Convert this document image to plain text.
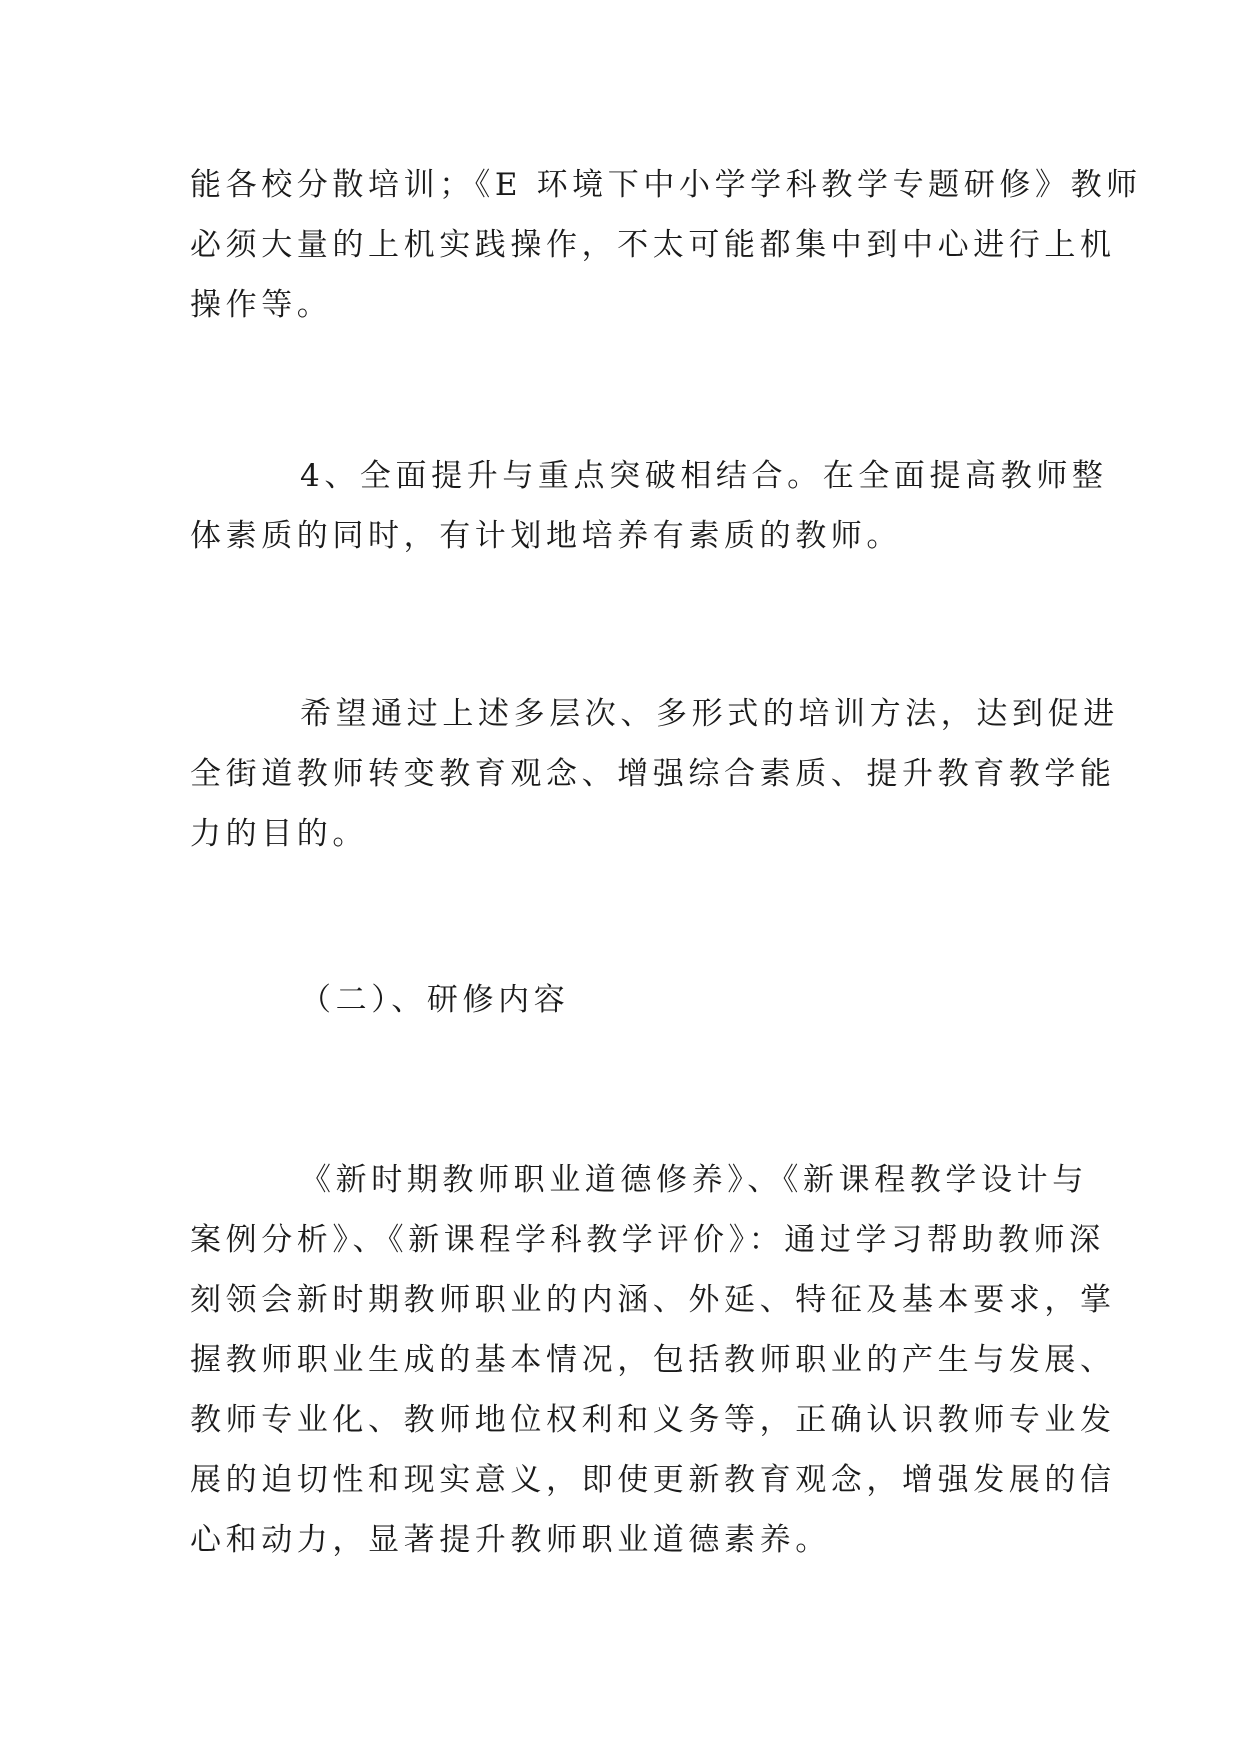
能各校分散培训；《E 环境下中小学学科教学专题研修》教师
必须大量的上机实践操作，不太可能都集中到中心进行上机
操作等。
4、全面提升与重点突破相结合。在全面提高教师整
体素质的同时，有计划地培养有素质的教师。
希望通过上述多层次、多形式的培训方法，达到促进
全街道教师转变教育观念、增强综合素质、提升教育教学能
力的目的。
（二）、研修内容
《新时期教师职业道德修养》、《新课程教学设计与
案例分析》、《新课程学科教学评价》：通过学习帮助教师深
刻领会新时期教师职业的内涵、外延、特征及基本要求，掌
握教师职业生成的基本情况，包括教师职业的产生与发展、
教师专业化、教师地位权利和义务等，正确认识教师专业发
展的迫切性和现实意义，即使更新教育观念，增强发展的信
心和动力，显著提升教师职业道德素养。
